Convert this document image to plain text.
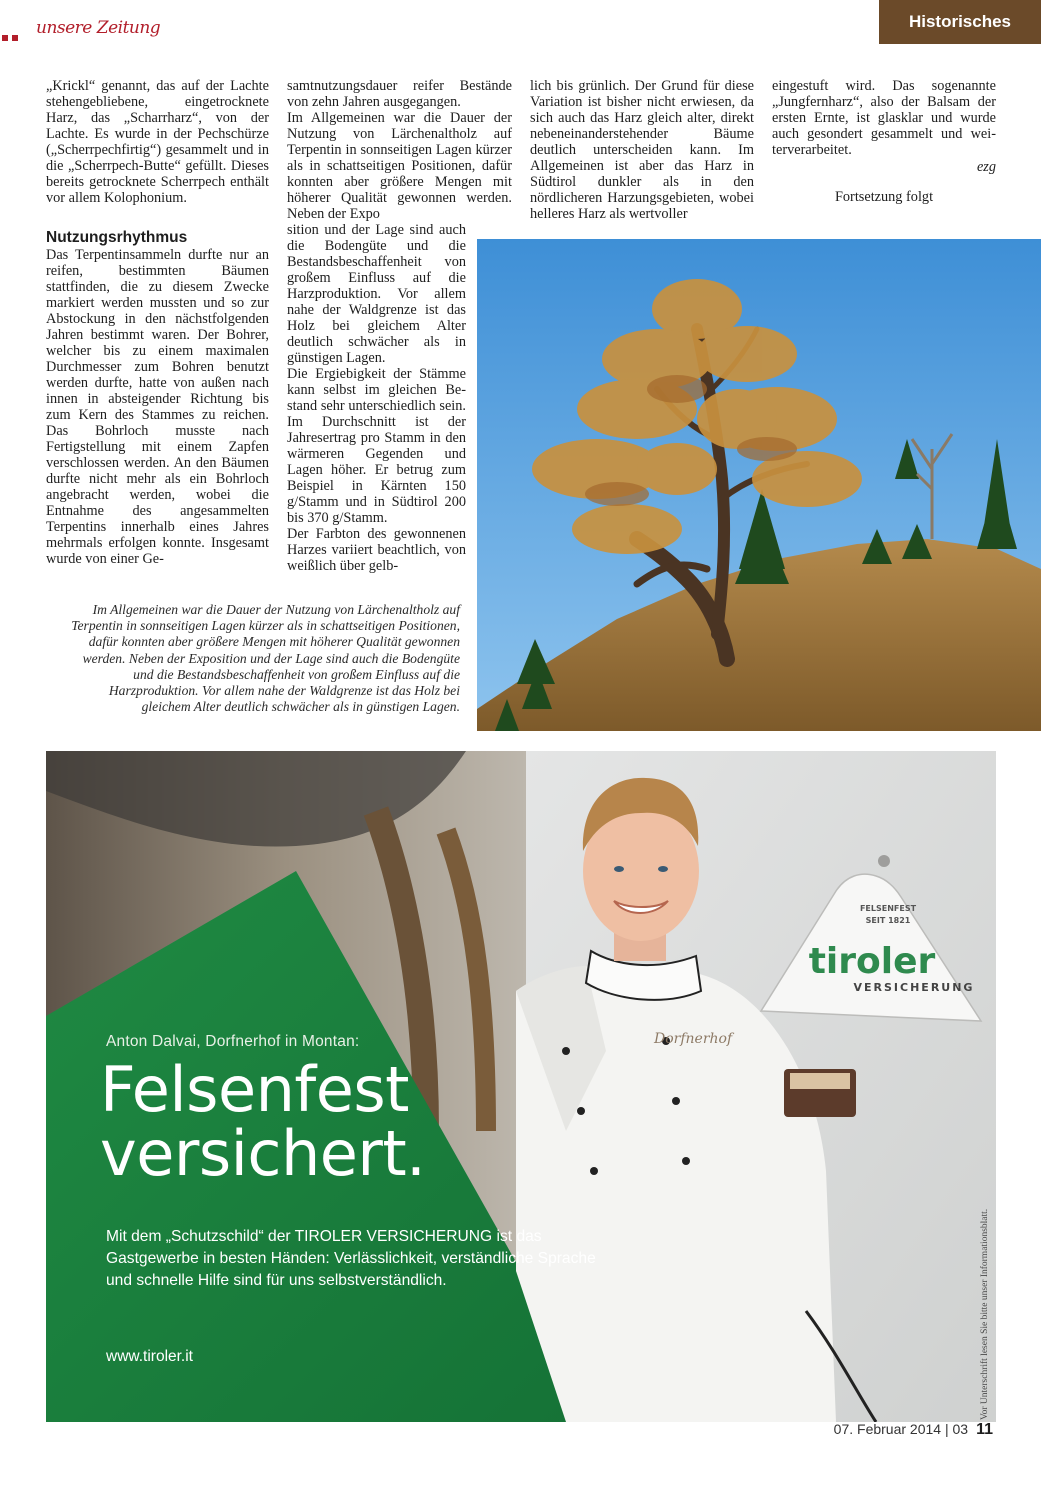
unsere Zeitung	Historisches

„Krickl“ genannt, das auf der Lachte stehengebliebene, eingetrocknete Harz, das „Scharrharz“, von der Lachte. Es wurde in der Pechschürze („Scherrpechfirtig“) gesammelt und in die „Scherrpech-Butte“ gefüllt. Dieses bereits getrocknete Scherrpech enthält vor allem Kolophonium.

Nutzungsrhythmus

Das Terpentinsammeln durfte nur an reifen, bestimmten Bäumen stattfinden, die zu diesem Zwecke markiert werden mussten und so zur Abstockung in den nächstfolgenden Jahren bestimmt waren. Der Bohrer, welcher bis zu einem maximalen Durchmesser zum Bohren benutzt werden durfte, hatte von außen nach innen in absteigender Richtung bis zum Kern des Stammes zu reichen. Das Bohrloch musste nach Fertigstellung mit einem Zapfen verschlossen werden. An den Bäumen durfte nicht mehr als ein Bohrloch angebracht werden, wobei die Entnahme des angesammelten Terpentins innerhalb eines Jahres mehrmals erfolgen konnte. Insgesamt wurde von einer Ge-

samtnutzungsdauer reifer Bestände von zehn Jahren ausgegangen.

Im Allgemeinen war die Dauer der Nutzung von Lärchenaltholz auf Terpentin in sonnseitigen Lagen kürzer als in schattseitigen Positionen, dafür konnten aber größere Mengen mit höherer Qualität gewonnen werden. Neben der Expo

sition und der Lage sind auch die Bodengüte und die Bestandsbeschaffenheit von großem Einfluss auf die Harzproduktion. Vor allem nahe der Waldgrenze ist das Holz bei gleichem Alter deutlich schwächer als in günstigen Lagen.

Die Ergiebigkeit der Stämme kann selbst im gleichen Bestand sehr unterschiedlich sein. Im Durchschnitt ist der Jahresertrag pro Stamm in den wärmeren Gegenden und Lagen höher. Er betrug zum Beispiel in Kärnten 150 g/Stamm und in Südtirol 200 bis 370 g/Stamm.

Der Farbton des gewonnenen Harzes variiert beachtlich, von weißlich über gelb-

lich bis grünlich. Der Grund für diese Variation ist bisher nicht erwiesen, da sich auch das Harz gleich alter, direkt nebeneinanderstehender Bäume deutlich unterscheiden kann. Im Allgemeinen ist aber das Harz in Südtirol dunkler als in den nördlicheren Harzungsgebieten, wobei helleres Harz als wertvoller

eingestuft wird. Das sogenannte „Jungfernharz“, also der Balsam der ersten Ernte, ist glasklar und wurde auch gesondert gesammelt und weiterverarbeitet.

ezg

Fortsetzung folgt

Im Allgemeinen war die Dauer der Nutzung von Lärchenaltholz auf Terpentin in sonnseitigen Lagen kürzer als in schattseitigen Positionen, dafür konnten aber größere Mengen mit höherer Qualität gewonnen werden. Neben der Exposition und der Lage sind auch die Bodengüte und die Bestandsbeschaffenheit von großem Einfluss auf die Harzproduktion. Vor allem nahe der Waldgrenze ist das Holz bei gleichem Alter deutlich schwächer als in günstigen Lagen.
Dorfnerhof
FELSENFEST
SEIT 1821
tiroler
VERSICHERUNG
Anton Dalvai, Dorfnerhof in Montan:
Felsenfest
versichert.
Mit dem „Schutzschild“ der TIROLER VERSICHERUNG ist das Gastgewerbe in besten Händen: Verlässlichkeit, verständliche Sprache und schnelle Hilfe sind für uns selbstverständlich.
www.tiroler.it	Vor Unterschrift lesen Sie bitte unser Informationsblatt.
07. Februar 2014 | 03 11
